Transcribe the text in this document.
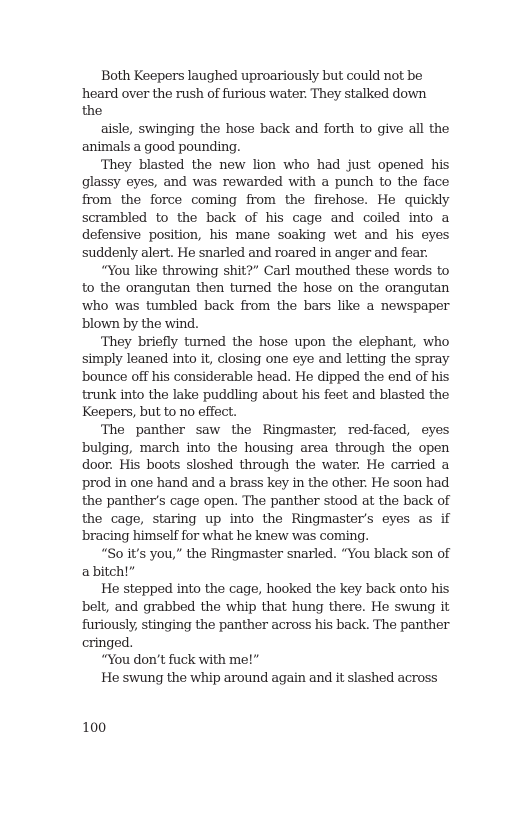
Both Keepers laughed uproariously but could not be heard over the rush of furious water. They stalked down the

aisle, swinging the hose back and forth to give all the animals a good pounding.

They blasted the new lion who had just opened his glassy eyes, and was rewarded with a punch to the face from the force coming from the firehose. He quickly scrambled to the back of his cage and coiled into a defensive position, his mane soaking wet and his eyes suddenly alert. He snarled and roared in anger and fear.

“You like throwing shit?” Carl mouthed these words to to the orangutan then turned the hose on the orangutan who was tumbled back from the bars like a newspaper blown by the wind.

They briefly turned the hose upon the elephant, who simply leaned into it, closing one eye and letting the spray bounce off his considerable head. He dipped the end of his trunk into the lake puddling about his feet and blasted the Keepers, but to no effect.

The panther saw the Ringmaster, red-faced, eyes bulging, march into the housing area through the open door. His boots sloshed through the water. He carried a prod in one hand and a brass key in the other. He soon had the panther’s cage open. The panther stood at the back of the cage, staring up into the Ringmaster’s eyes as if bracing himself for what he knew was coming.

“So it’s you,” the Ringmaster snarled. “You black son of a bitch!”

He stepped into the cage, hooked the key back onto his belt, and grabbed the whip that hung there. He swung it furiously, stinging the panther across his back. The panther cringed.

“You don’t fuck with me!”

He swung the whip around again and it slashed across

100
